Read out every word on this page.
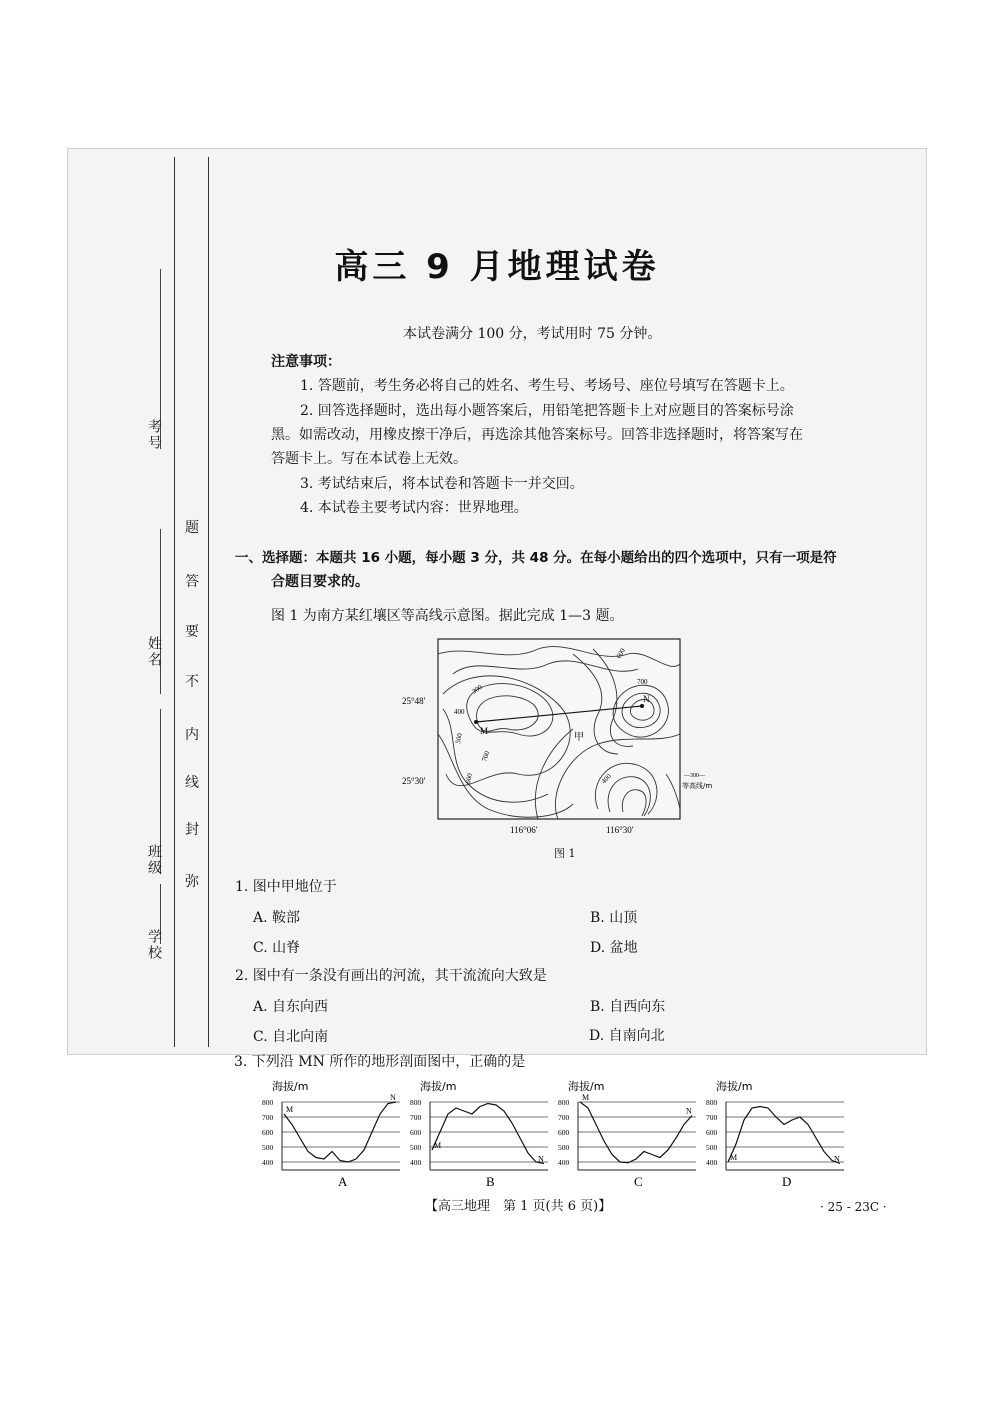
学校
班级
姓名
考号
弥
封
线
内
不
要
答
题
高三 9 月地理试卷
本试卷满分 100 分，考试用时 75 分钟。
注意事项：
1. 答题前，考生务必将自己的姓名、考生号、考场号、座位号填写在答题卡上。
2. 回答选择题时，选出每小题答案后，用铅笔把答题卡上对应题目的答案标号涂
黑。如需改动，用橡皮擦干净后，再选涂其他答案标号。回答非选择题时，将答案写在
答题卡上。写在本试卷上无效。
3. 考试结束后，将本试卷和答题卡一并交回。
4. 本试卷主要考试内容：世界地理。
一、选择题：本题共 16 小题，每小题 3 分，共 48 分。在每小题给出的四个选项中，只有一项是符
合题目要求的。
图 1 为南方某红壤区等高线示意图。据此完成 1—3 题。
M
N
甲
300
400
500
600
700
600
700
400
25°48′
25°30′
116°06′	116°30′
—300—
等高线/m
图 1
1. 图中甲地位于
A. 鞍部	B. 山顶
C. 山脊	D. 盆地
2. 图中有一条没有画出的河流，其干流流向大致是
A. 自东向西	B. 自西向东
C. 自北向南	D. 自南向北
3. 下列沿 MN 所作的地形剖面图中，正确的是
海拔/m
800
700
600
500
400
M
N
A
海拔/m
800
700
600
500
400
M
N
B
海拔/m
800
700
600
500
400
M
N
C
海拔/m
800
700
600
500
400
M	N
D
【高三地理　第 1 页(共 6 页)】	· 25 - 23C ·
